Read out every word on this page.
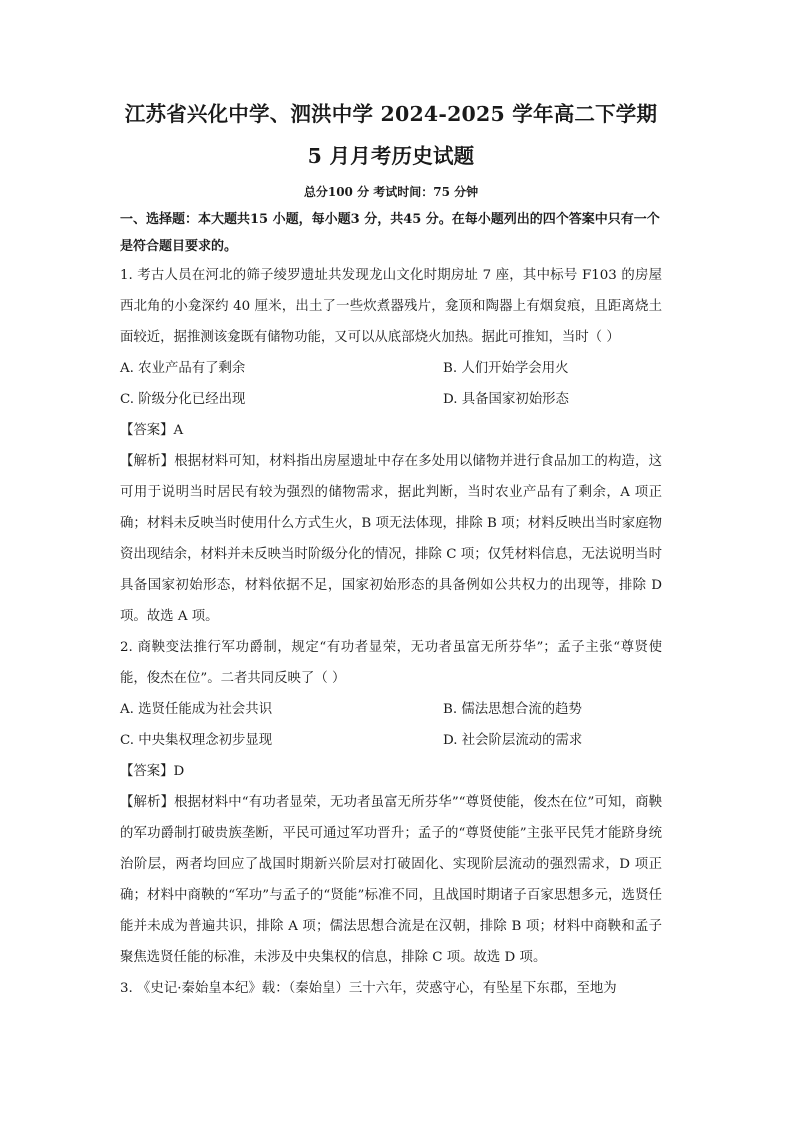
江苏省兴化中学、泗洪中学 2024-2025 学年高二下学期
5 月月考历史试题
总分100 分 考试时间：75 分钟
一、选择题：本大题共15 小题，每小题3 分，共45 分。在每小题列出的四个答案中只有一个是符合题目要求的。
1. 考古人员在河北的筛子绫罗遗址共发现龙山文化时期房址 7 座，其中标号 F103 的房屋西北角的小龛深约 40 厘米，出土了一些炊煮器残片，龛顶和陶器上有烟炱痕，且距离烧土面较近，据推测该龛既有储物功能，又可以从底部烧火加热。据此可推知，当时（ ）
A. 农业产品有了剩余	B. 人们开始学会用火
C. 阶级分化已经出现	D. 具备国家初始形态
【答案】A
【解析】根据材料可知，材料指出房屋遗址中存在多处用以储物并进行食品加工的构造，这可用于说明当时居民有较为强烈的储物需求，据此判断，当时农业产品有了剩余，A 项正确；材料未反映当时使用什么方式生火，B 项无法体现，排除 B 项；材料反映出当时家庭物资出现结余，材料并未反映当时阶级分化的情况，排除 C 项；仅凭材料信息，无法说明当时具备国家初始形态，材料依据不足，国家初始形态的具备例如公共权力的出现等，排除 D 项。故选 A 项。
2. 商鞅变法推行军功爵制，规定“有功者显荣，无功者虽富无所芬华”；孟子主张“尊贤使能，俊杰在位”。二者共同反映了（ ）
A. 选贤任能成为社会共识	B. 儒法思想合流的趋势
C. 中央集权理念初步显现	D. 社会阶层流动的需求
【答案】D
【解析】根据材料中“有功者显荣，无功者虽富无所芬华”“尊贤使能，俊杰在位”可知，商鞅的军功爵制打破贵族垄断，平民可通过军功晋升；孟子的“尊贤使能”主张平民凭才能跻身统治阶层，两者均回应了战国时期新兴阶层对打破固化、实现阶层流动的强烈需求，D 项正确；材料中商鞅的“军功”与孟子的“贤能”标准不同，且战国时期诸子百家思想多元，选贤任能并未成为普遍共识，排除 A 项；儒法思想合流是在汉朝，排除 B 项；材料中商鞅和孟子聚焦选贤任能的标准，未涉及中央集权的信息，排除 C 项。故选 D 项。
3. 《史记·秦始皇本纪》载：（秦始皇）三十六年，荧惑守心，有坠星下东郡，至地为
